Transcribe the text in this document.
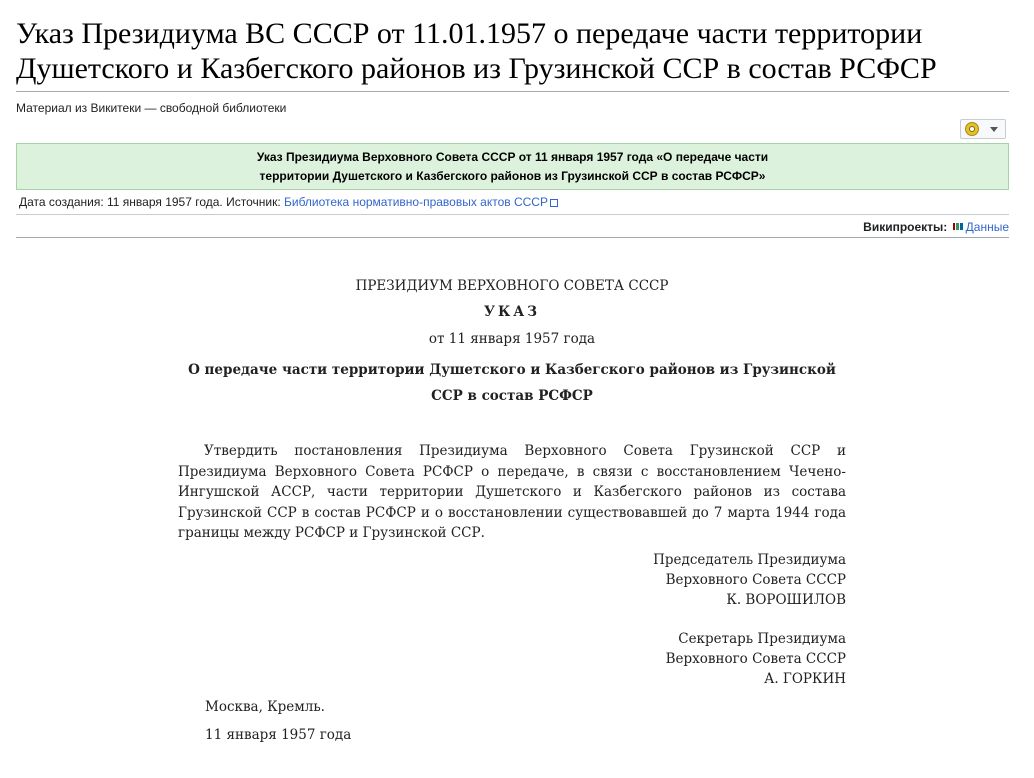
Указ Президиума ВС СССР от 11.01.1957 о передаче части территории Душетского и Казбегского районов из Грузинской ССР в состав РСФСР
Материал из Викитеки — свободной библиотеки
Указ Президиума Верховного Совета СССР от 11 января 1957 года «О передаче части
территории Душетского и Казбегского районов из Грузинской ССР в состав РСФСР»
Дата создания: 11 января 1957 года. Источник: Библиотека нормативно-правовых актов СССР
Википроекты: Данные
ПРЕЗИДИУМ ВЕРХОВНОГО СОВЕТА СССР
УКАЗ
от 11 января 1957 года
О передаче части территории Душетского и Казбегского районов из Грузинской
ССР в состав РСФСР

Утвердить постановления Президиума Верховного Совета Грузинской ССР и Президиума Верховного Совета РСФСР о передаче, в связи с восстановлением Чечено-Ингушской АССР, части территории Душетского и Казбегского районов из состава Грузинской ССР в состав РСФСР и о восстановлении существовавшей до 7 марта 1944 года границы между РСФСР и Грузинской ССР.

Председатель Президиума
Верховного Совета СССР
К. ВОРОШИЛОВ
Секретарь Президиума
Верховного Совета СССР
А. ГОРКИН
Москва, Кремль.
11 января 1957 года
